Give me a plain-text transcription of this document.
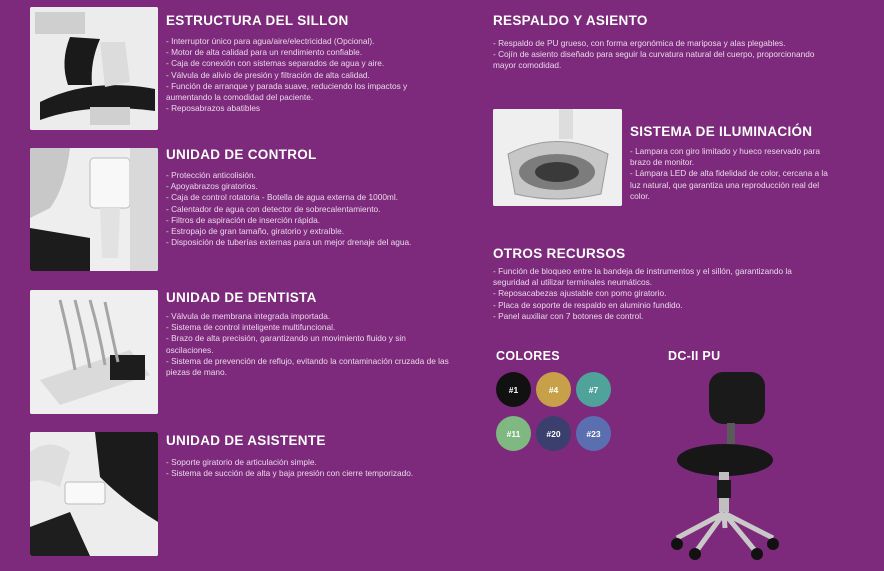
ESTRUCTURA DEL SILLON
- Interruptor único para agua/aire/electricidad (Opcional).
- Motor de alta calidad para un rendimiento confiable.
- Caja de conexión con sistemas separados de agua y aire.
- Válvula de alivio de presión y filtración de alta calidad.
- Función de arranque y parada suave, reduciendo los impactos y aumentando la comodidad del paciente.
- Reposabrazos abatibles
UNIDAD DE CONTROL
- Protección anticolisión.
- Apoyabrazos giratorios.
- Caja de control rotatoria - Botella de agua externa de 1000ml.
- Calentador de agua con detector de sobrecalentamiento.
- Filtros de aspiración de inserción rápida.
- Estropajo de gran tamaño, giratorio y extraíble.
- Disposición de tuberías externas para un mejor drenaje del agua.
UNIDAD DE DENTISTA
- Válvula de membrana integrada importada.
- Sistema de control inteligente multifuncional.
- Brazo de alta precisión, garantizando un movimiento fluido y sin oscilaciones.
- Sistema de prevención de reflujo, evitando la contaminación cruzada de las piezas de mano.
UNIDAD DE ASISTENTE
- Soporte giratorio de articulación simple.
- Sistema de succión de alta y baja presión con cierre temporizado.
RESPALDO Y ASIENTO
- Respaldo de PU grueso, con forma ergonómica de mariposa y alas plegables.
- Cojín de asiento diseñado para seguir la curvatura natural del cuerpo, proporcionando mayor comodidad.
SISTEMA DE ILUMINACIÓN
- Lampara con giro limitado y hueco reservado para brazo de monitor.
- Lámpara LED de alta fidelidad de color, cercana a la luz natural, que garantiza una reproducción real del color.
OTROS RECURSOS
- Función de bloqueo entre la bandeja de instrumentos y el sillón, garantizando la seguridad al utilizar terminales neumáticos.
- Reposacabezas ajustable con pomo giratorio.
- Placa de soporte de respaldo en aluminio fundido.
- Panel auxiliar con 7 botones de control.
COLORES
#1	#4	#7
#11	#20	#23
DC-II PU
